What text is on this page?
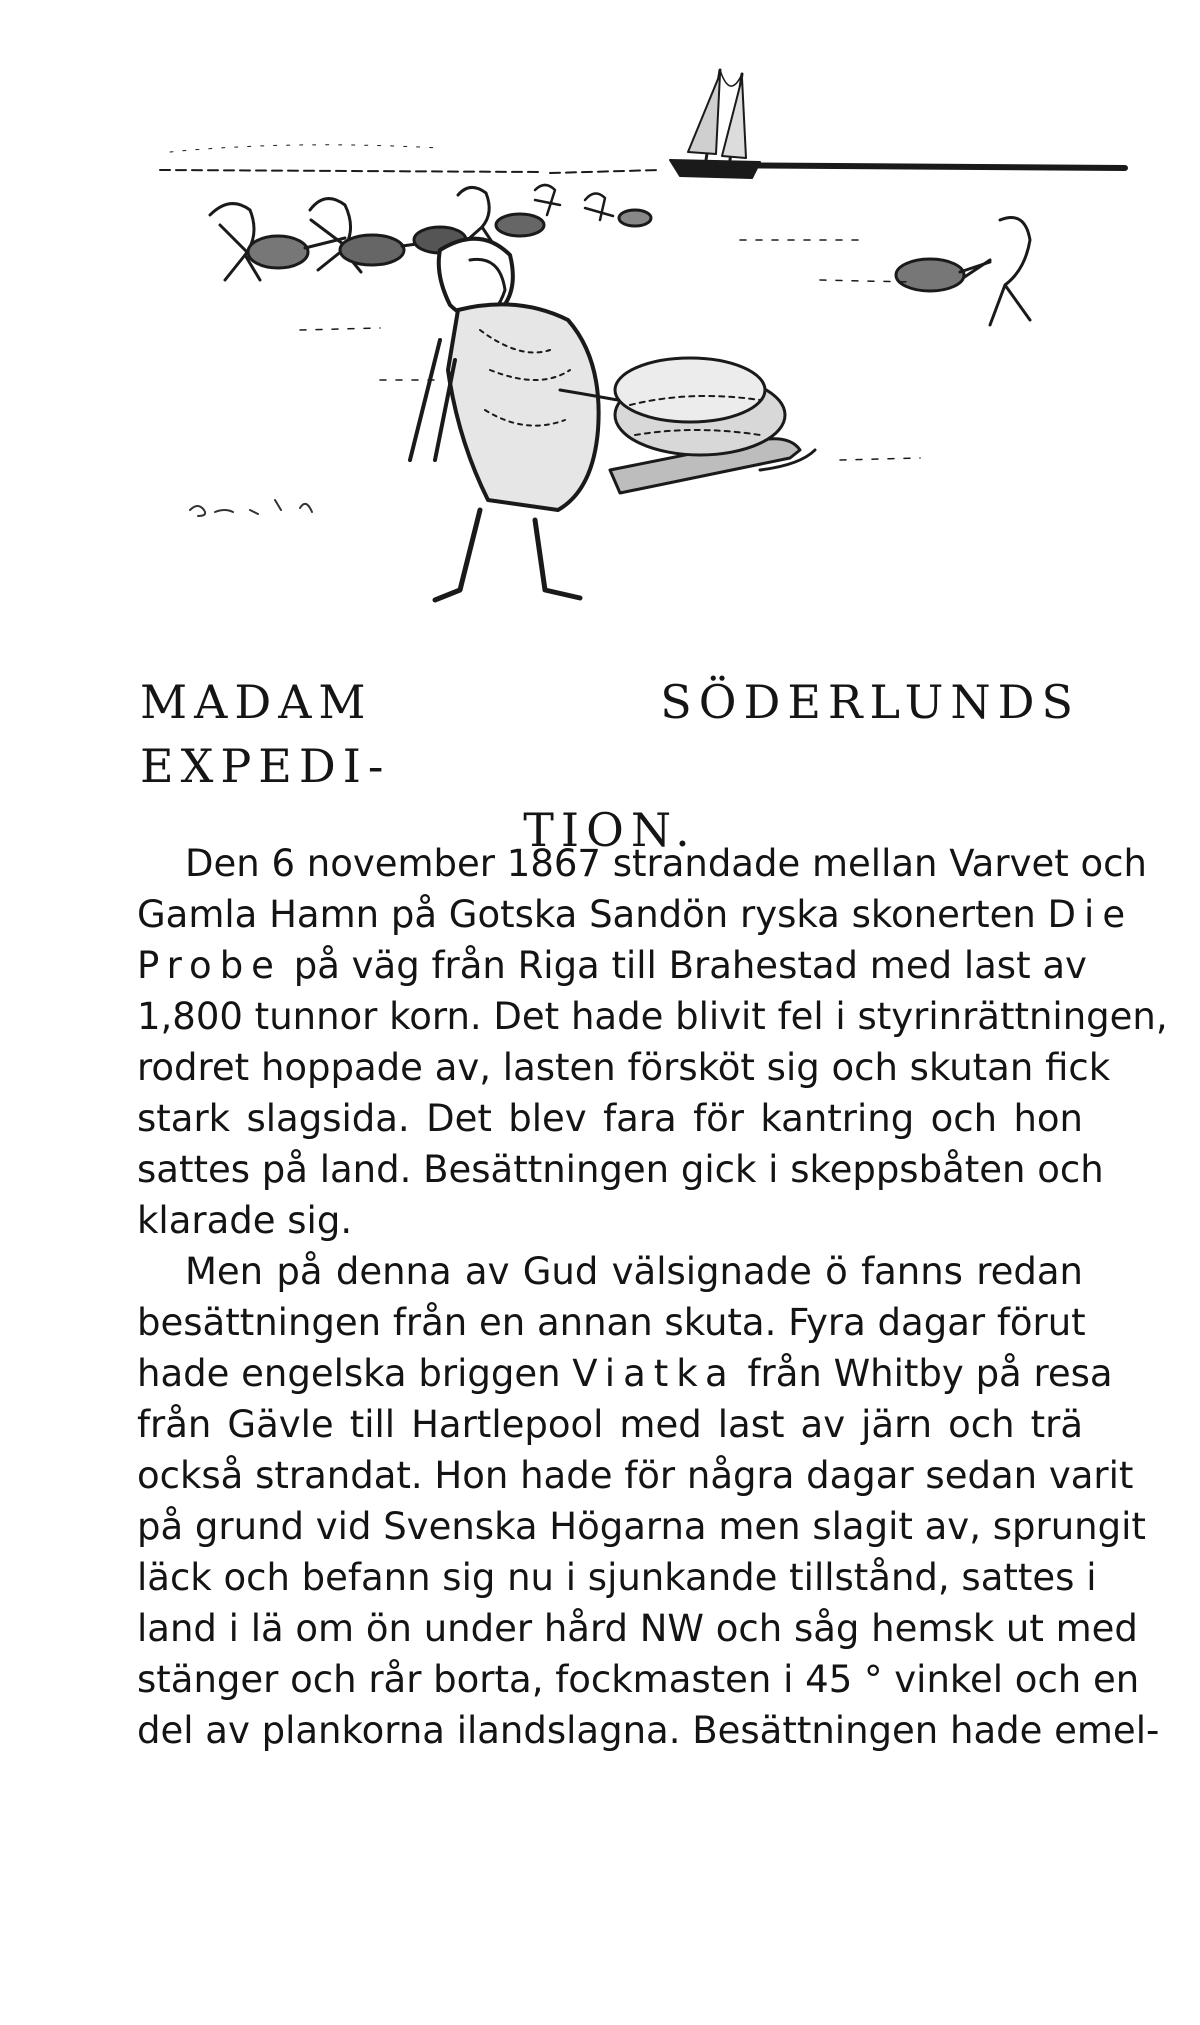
MADAM SÖDERLUNDS EXPEDI-
TION.
Den 6 november 1867 strandade mellan Varvet och
Gamla Hamn på Gotska Sandön ryska skonerten Die
Probe på väg från Riga till Brahestad med last av
1,800 tunnor korn. Det hade blivit fel i styrinrättningen,
rodret hoppade av, lasten försköt sig och skutan fick
stark slagsida. Det blev fara för kantring och hon
sattes på land. Besättningen gick i skeppsbåten och
klarade sig.
Men på denna av Gud välsignade ö fanns redan
besättningen från en annan skuta. Fyra dagar förut
hade engelska briggen Viatka från Whitby på resa
från Gävle till Hartlepool med last av järn och trä
också strandat. Hon hade för några dagar sedan varit
på grund vid Svenska Högarna men slagit av, sprungit
läck och befann sig nu i sjunkande tillstånd, sattes i
land i lä om ön under hård NW och såg hemsk ut med
stänger och rår borta, fockmasten i 45 ° vinkel och en
del av plankorna ilandslagna. Besättningen hade emel-
